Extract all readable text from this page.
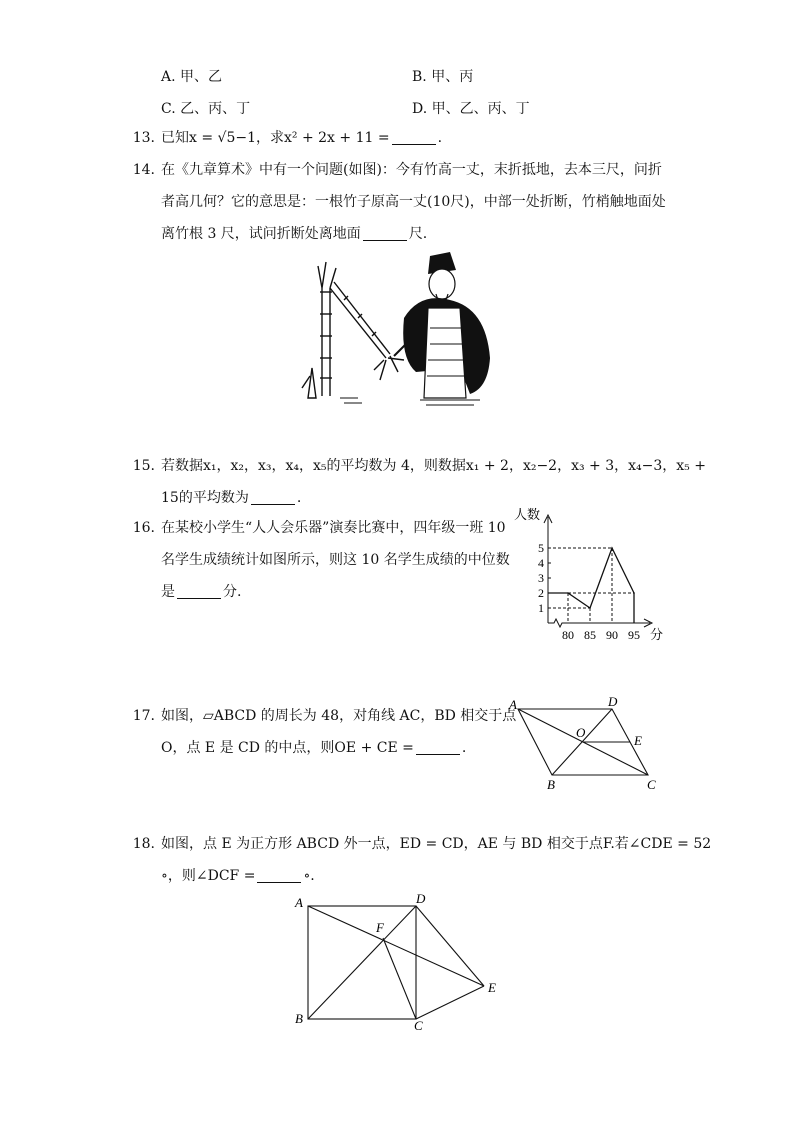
A. 甲、乙	B. 甲、丙
C. 乙、丙、丁	D. 甲、乙、丙、丁
13. 已知x = √5−1，求x² + 2x + 11 =	.
14. 在《九章算术》中有一个问题(如图)：今有竹高一丈，末折抵地，去本三尺，问折
者高几何？它的意思是：一根竹子原高一丈(10尺)，中部一处折断，竹梢触地面处
离竹根 3 尺，试问折断处离地面	尺.
15. 若数据x₁，x₂，x₃，x₄，x₅的平均数为 4，则数据x₁ + 2，x₂−2，x₃ + 3，x₄−3，x₅ +
15的平均数为	.
16. 在某校小学生“人人会乐器”演奏比赛中，四年级一班 10
名学生成绩统计如图所示，则这 10 名学生成绩的中位数
是	分.
人数
分
1
2
3
4
5
80 85 90 95
17. 如图，▱ABCD 的周长为 48，对角线 AC，BD 相交于点
O，点 E 是 CD 的中点，则OE + CE =	.
A	D
O
E
B	C
18. 如图，点 E 为正方形 ABCD 外一点，ED = CD，AE 与 BD 相交于点F.若∠CDE = 52
∘，则∠DCF =	∘.
A	D
F
E
B	C
